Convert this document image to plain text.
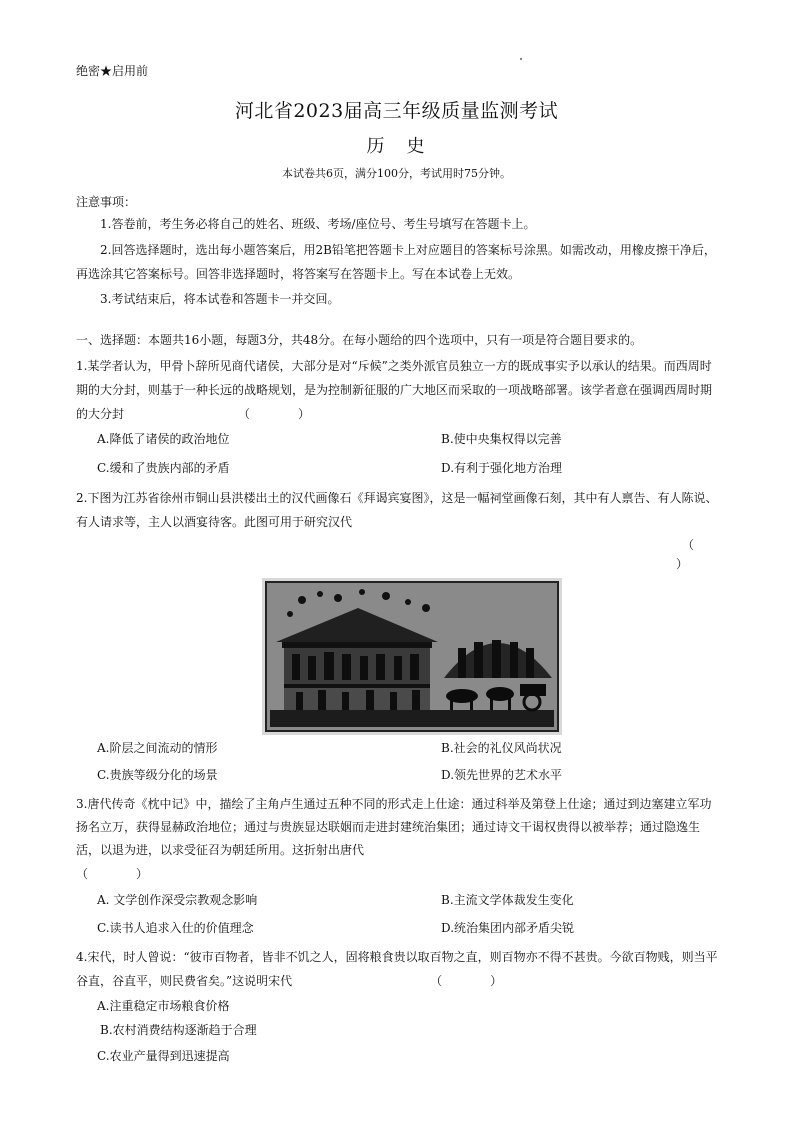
绝密★启用前
河北省2023届高三年级质量监测考试
历　史
本试卷共6页，满分100分，考试用时75分钟。
注意事项：
1.答卷前，考生务必将自己的姓名、班级、考场/座位号、考生号填写在答题卡上。
2.回答选择题时，选出每小题答案后，用2B铅笔把答题卡上对应题目的答案标号涂黑。如需改动，用橡皮擦干净后，再选涂其它答案标号。回答非选择题时，将答案写在答题卡上。写在本试卷上无效。
3.考试结束后，将本试卷和答题卡一并交回。
一、选择题：本题共16小题，每题3分，共48分。在每小题给的四个选项中，只有一项是符合题目要求的。
1.某学者认为，甲骨卜辞所见商代诸侯，大部分是对“斥候”之类外派官员独立一方的既成事实予以承认的结果。而西周时期的大分封，则基于一种长远的战略规划，是为控制新征服的广大地区而采取的一项战略部署。该学者意在强调西周时期的大分封　　　　　　　　　　（　　　　）
A.降低了诸侯的政治地位	B.使中央集权得以完善
C.缓和了贵族内部的矛盾	D.有利于强化地方治理
2.下图为江苏省徐州市铜山县洪楼出土的汉代画像石《拜谒宾宴图》，这是一幅祠堂画像石刻，其中有人禀告、有人陈说、有人请求等，主人以酒宴待客。此图可用于研究汉代
（
）
A.阶层之间流动的情形	B.社会的礼仪风尚状况
C.贵族等级分化的场景	D.领先世界的艺术水平
3.唐代传奇《枕中记》中，描绘了主角卢生通过五种不同的形式走上仕途：通过科举及第登上仕途；通过到边塞建立军功扬名立万，获得显赫政治地位；通过与贵族显达联姻而走进封建统治集团；通过诗文干谒权贵得以被举荐；通过隐逸生活，以退为进，以求受征召为朝廷所用。这折射出唐代
（　　　　）
A. 文学创作深受宗教观念影响	B.主流文学体裁发生变化
C.读书人追求入仕的价值理念	D.统治集团内部矛盾尖锐
4.宋代，时人曾说：“彼市百物者，皆非不饥之人，固将粮食贵以取百物之直，则百物亦不得不甚贵。今欲百物贱，则当平谷直，谷直平，则民费省矣。”这说明宋代　　　　　　　　　　　　（　　　　）
A.注重稳定市场粮食价格
B.农村消费结构逐渐趋于合理
C.农业产量得到迅速提高
